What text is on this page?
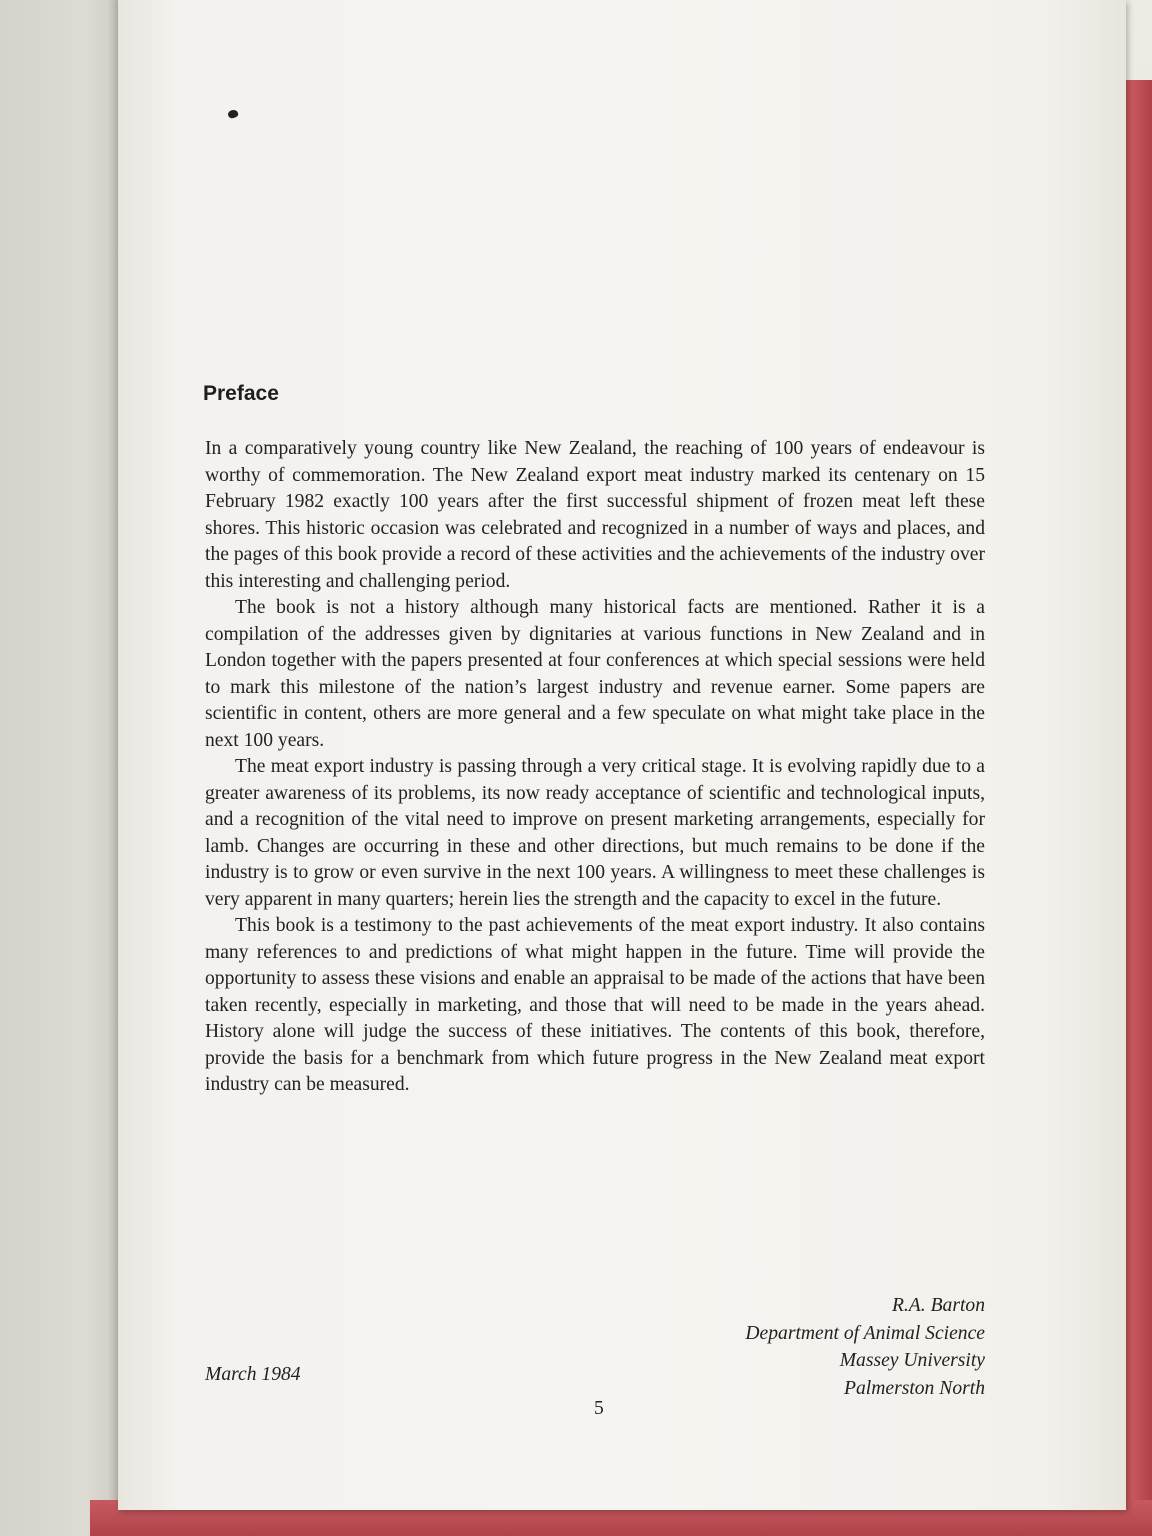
Preface

In a comparatively young country like New Zealand, the reaching of 100 years of endeavour is worthy of commemoration. The New Zealand export meat industry marked its centenary on 15 February 1982 exactly 100 years after the first successful shipment of frozen meat left these shores. This historic occasion was celebrated and recognized in a number of ways and places, and the pages of this book provide a record of these activities and the achievements of the industry over this interesting and challenging period.

The book is not a history although many historical facts are mentioned. Rather it is a compilation of the addresses given by dignitaries at various functions in New Zealand and in London together with the papers presented at four conferences at which special sessions were held to mark this milestone of the nation’s largest industry and revenue earner. Some papers are scientific in content, others are more general and a few speculate on what might take place in the next 100 years.

The meat export industry is passing through a very critical stage. It is evolving rapidly due to a greater awareness of its problems, its now ready acceptance of scientific and technological inputs, and a recognition of the vital need to improve on present marketing arrangements, especially for lamb. Changes are occurring in these and other directions, but much remains to be done if the industry is to grow or even survive in the next 100 years. A willingness to meet these challenges is very apparent in many quarters; herein lies the strength and the capacity to excel in the future.

This book is a testimony to the past achievements of the meat export industry. It also contains many references to and predictions of what might happen in the future. Time will provide the opportunity to assess these visions and enable an appraisal to be made of the actions that have been taken recently, especially in marketing, and those that will need to be made in the years ahead. History alone will judge the success of these initiatives. The contents of this book, therefore, provide the basis for a benchmark from which future progress in the New Zealand meat export industry can be measured.

R.A. Barton
Department of Animal Science
Massey University
Palmerston North
March 1984
5
